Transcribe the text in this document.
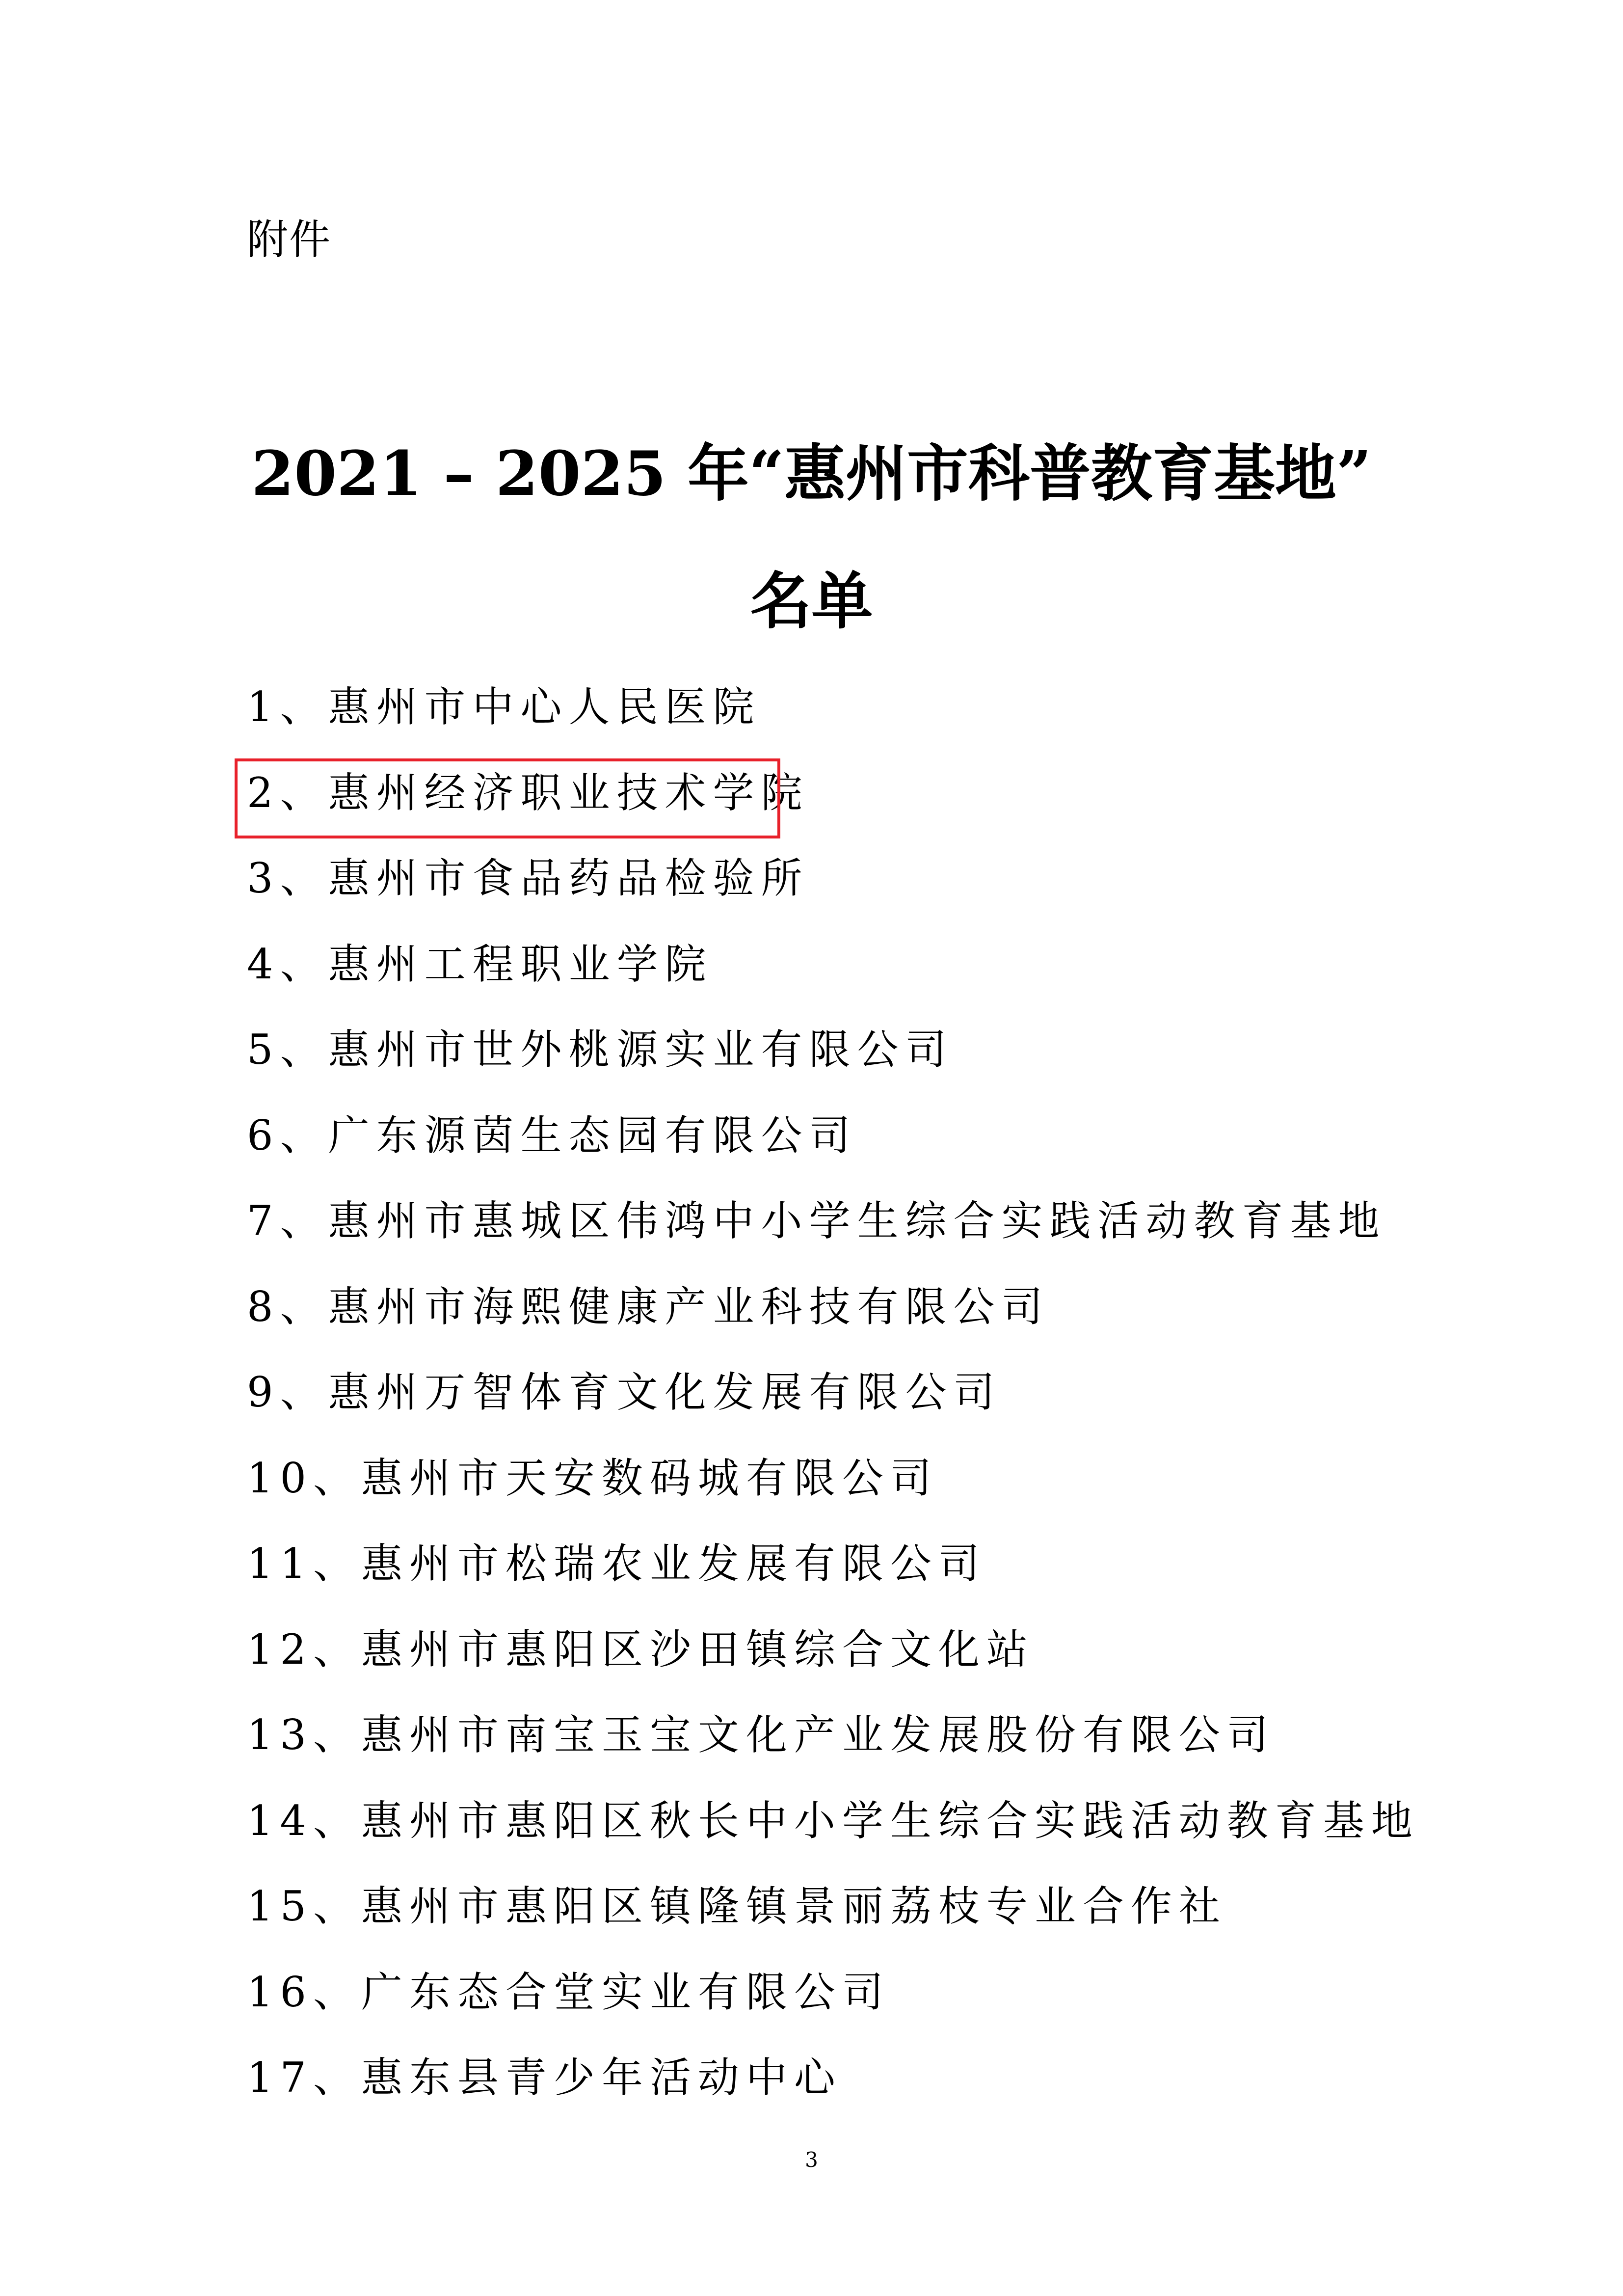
附件
2021 – 2025 年“惠州市科普教育基地”
名单
1、惠州市中心人民医院
2、惠州经济职业技术学院
3、惠州市食品药品检验所
4、惠州工程职业学院
5、惠州市世外桃源实业有限公司
6、广东源茵生态园有限公司
7、惠州市惠城区伟鸿中小学生综合实践活动教育基地
8、惠州市海熙健康产业科技有限公司
9、惠州万智体育文化发展有限公司
10、惠州市天安数码城有限公司
11、惠州市松瑞农业发展有限公司
12、惠州市惠阳区沙田镇综合文化站
13、惠州市南宝玉宝文化产业发展股份有限公司
14、惠州市惠阳区秋长中小学生综合实践活动教育基地
15、惠州市惠阳区镇隆镇景丽荔枝专业合作社
16、广东态合堂实业有限公司
17、惠东县青少年活动中心
3
